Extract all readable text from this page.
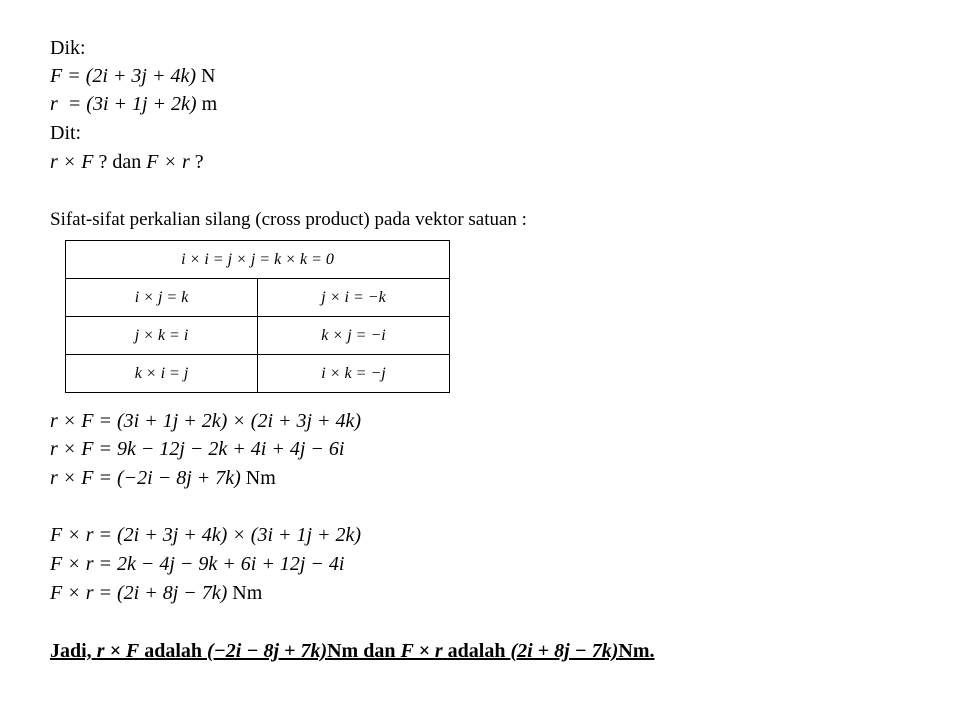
Dik:
F = (2i + 3j + 4k) N
r  = (3i + 1j + 2k) m
Dit:
r × F ? dan F × r ?
Sifat-sifat perkalian silang (cross product) pada vektor satuan :
i × i = j × j = k × k = 0	
i × j = k	j × i = −k
j × k = i	k × j = −i
k × i = j	i × k = −j
r × F = (3i + 1j + 2k) × (2i + 3j + 4k)
r × F = 9k − 12j − 2k + 4i + 4j − 6i
r × F = (−2i − 8j + 7k) Nm
F × r = (2i + 3j + 4k) × (3i + 1j + 2k)
F × r = 2k − 4j − 9k + 6i + 12j − 4i
F × r = (2i + 8j − 7k) Nm
Jadi, r × F adalah (−2i − 8j + 7k)Nm dan F × r adalah (2i + 8j − 7k)Nm.
